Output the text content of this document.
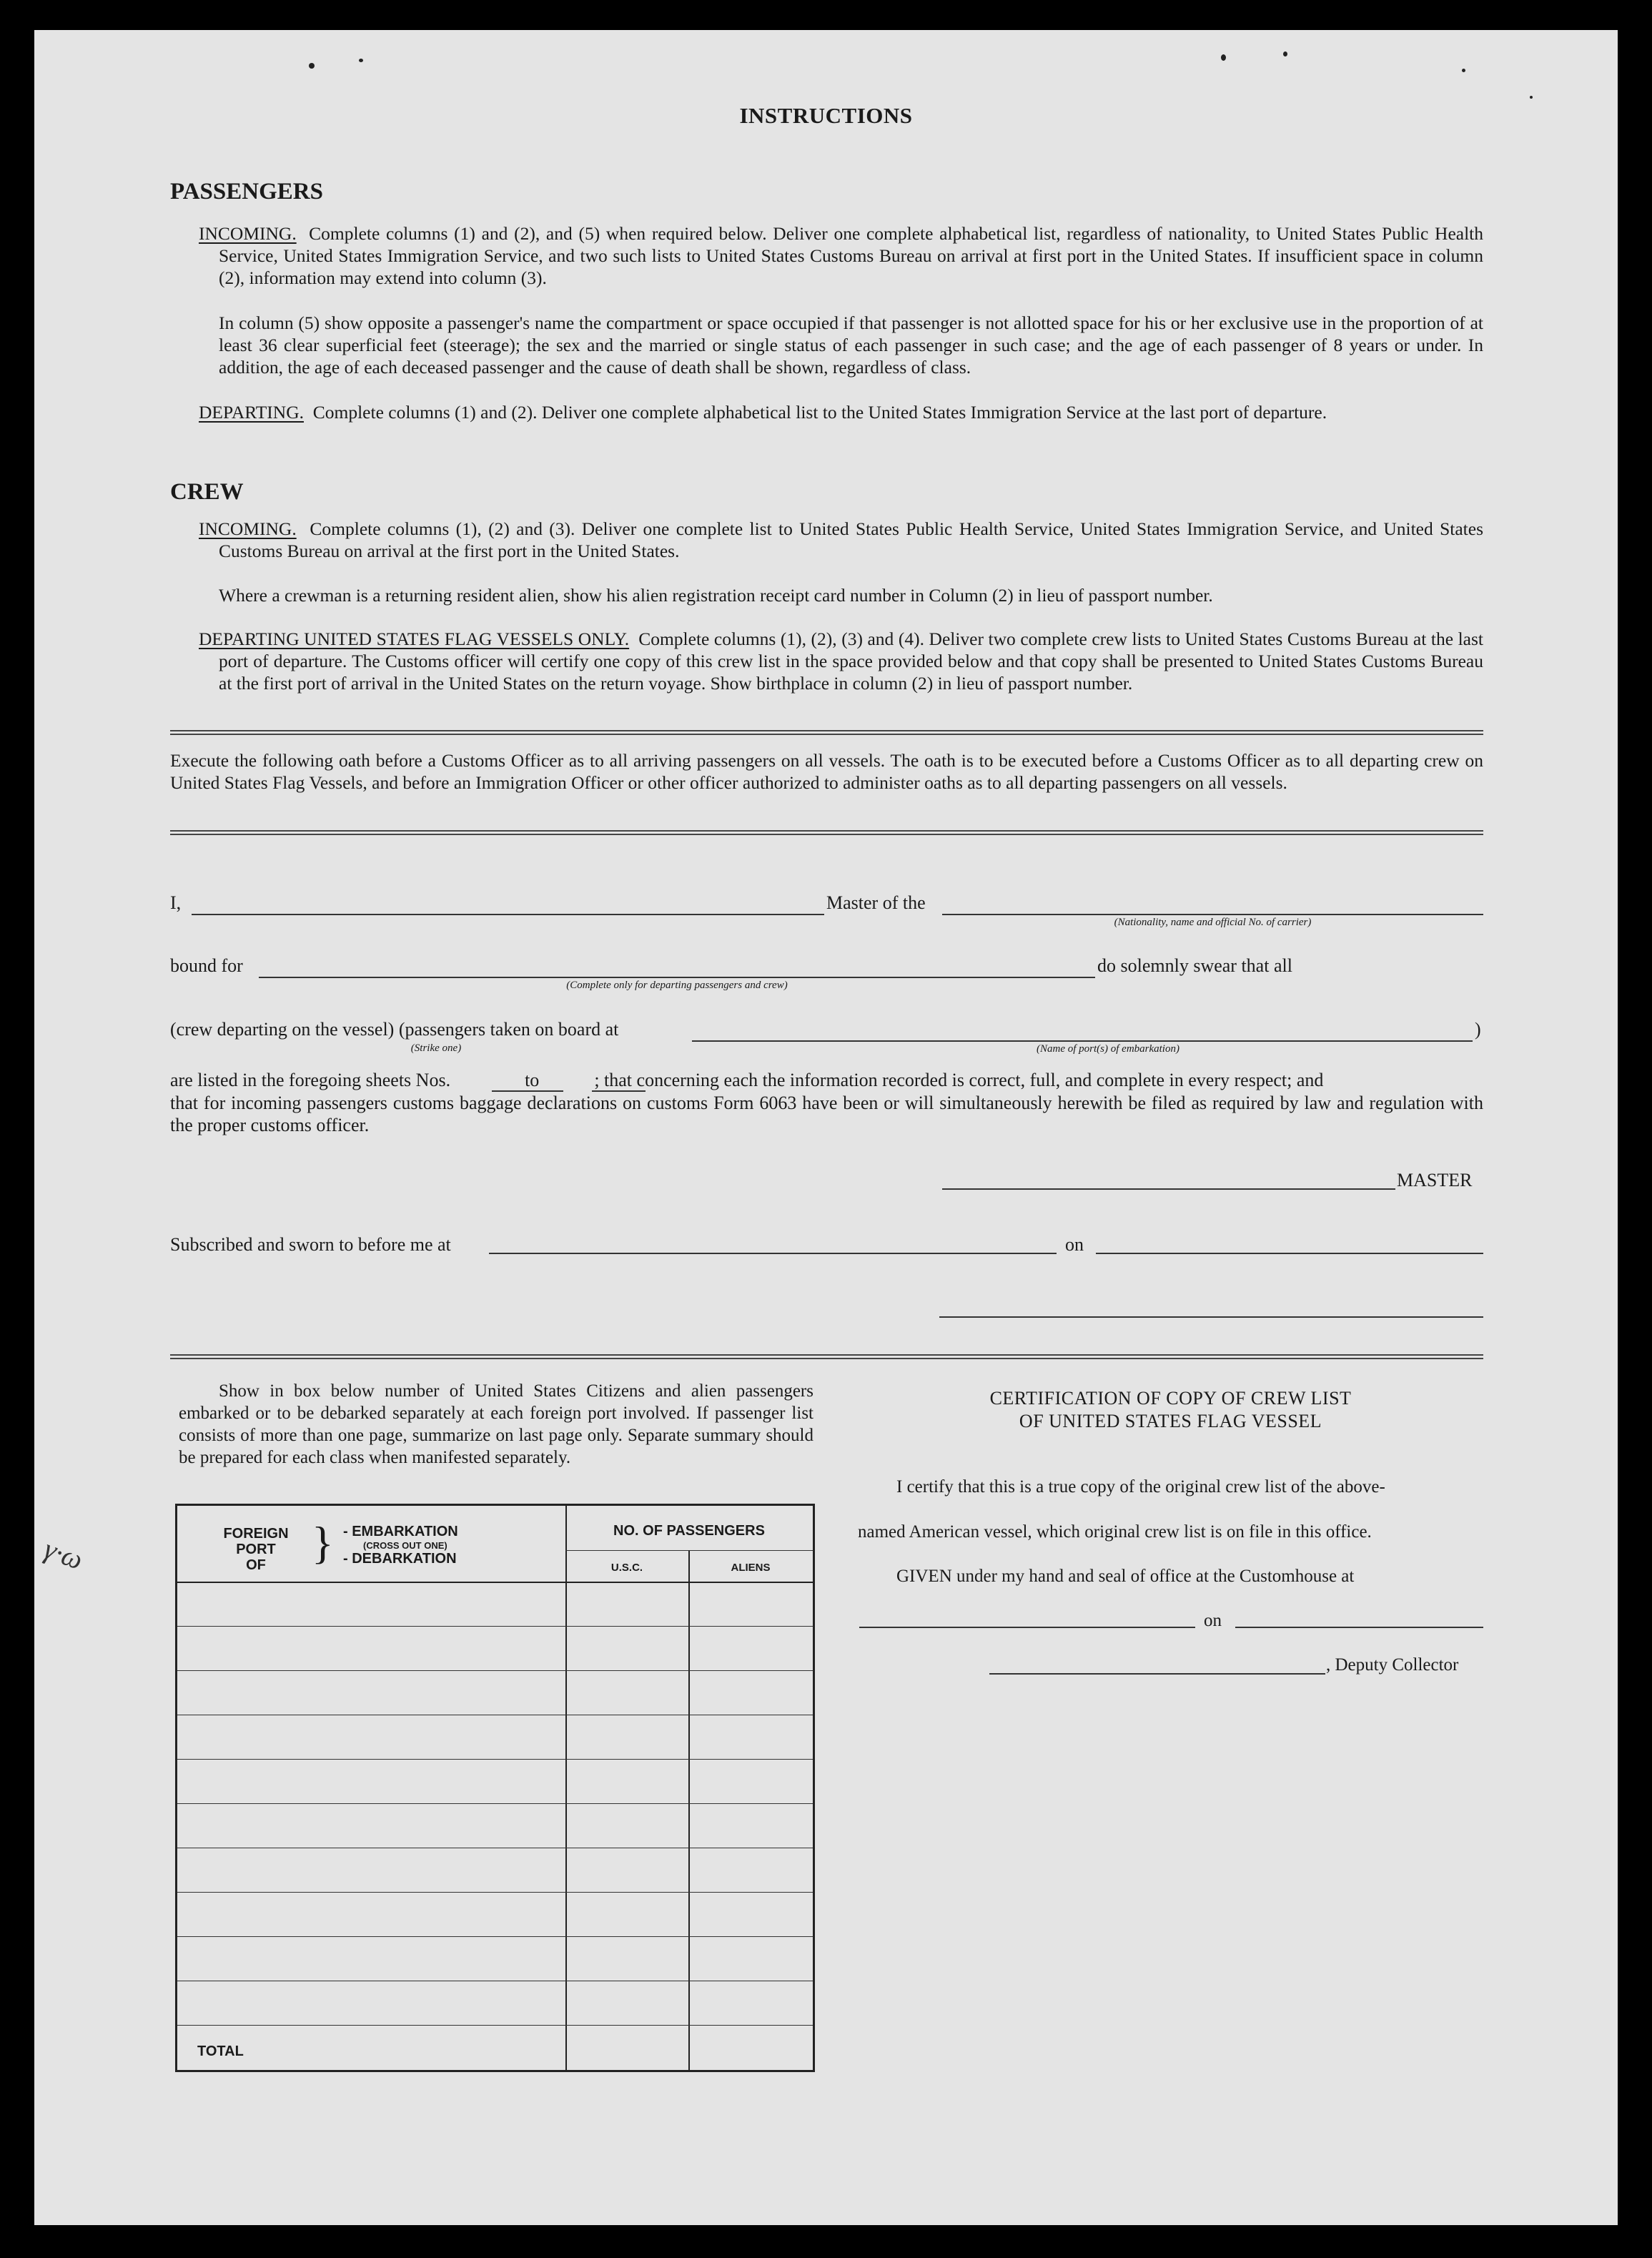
INSTRUCTIONS
PASSENGERS
INCOMING. Complete columns (1) and (2), and (5) when required below. Deliver one complete alphabetical list, regardless of nationality, to United States Public Health Service, United States Immigration Service, and two such lists to United States Customs Bureau on arrival at first port in the United States. If insufficient space in column (2), information may extend into column (3).
In column (5) show opposite a passenger's name the compartment or space occupied if that passenger is not allotted space for his or her exclusive use in the proportion of at least 36 clear superficial feet (steerage); the sex and the married or single status of each passenger in such case; and the age of each passenger of 8 years or under. In addition, the age of each deceased passenger and the cause of death shall be shown, regardless of class.
DEPARTING. Complete columns (1) and (2). Deliver one complete alphabetical list to the United States Immigration Service at the last port of departure.
CREW
INCOMING. Complete columns (1), (2) and (3). Deliver one complete list to United States Public Health Service, United States Immigration Service, and United States Customs Bureau on arrival at the first port in the United States.
Where a crewman is a returning resident alien, show his alien registration receipt card number in Column (2) in lieu of passport number.
DEPARTING UNITED STATES FLAG VESSELS ONLY. Complete columns (1), (2), (3) and (4). Deliver two complete crew lists to United States Customs Bureau at the last port of departure. The Customs officer will certify one copy of this crew list in the space provided below and that copy shall be presented to United States Customs Bureau at the first port of arrival in the United States on the return voyage. Show birthplace in column (2) in lieu of passport number.
Execute the following oath before a Customs Officer as to all arriving passengers on all vessels. The oath is to be executed before a Customs Officer as to all departing crew on United States Flag Vessels, and before an Immigration Officer or other officer authorized to administer oaths as to all departing passengers on all vessels.
I,	Master of the
(Nationality, name and official No. of carrier)
bound for	do solemnly swear that all
(Complete only for departing passengers and crew)
(crew departing on the vessel) (passengers taken on board at
(Strike one)
)
(Name of port(s) of embarkation)
are listed in the foregoing sheets Nos.	to	; that concerning each the information recorded is correct, full, and complete in every respect; and
that for incoming passengers customs baggage declarations on customs Form 6063 have been or will simultaneously herewith be filed as required by law and regulation with the proper customs officer.
MASTER
Subscribed and sworn to before me at	on
Show in box below number of United States Citizens and alien passengers embarked or to be debarked separately at each foreign port involved. If passenger list consists of more than one page, summarize on last page only. Separate summary should be prepared for each class when manifested separately.
FOREIGN
PORT
OF	} - EMBARKATION
(CROSS OUT ONE)
- DEBARKATION
NO. OF PASSENGERS
U.S.C.	ALIENS
TOTAL
CERTIFICATION OF COPY OF CREW LIST
OF UNITED STATES FLAG VESSEL
I certify that this is a true copy of the original crew list of the above-
named American vessel, which original crew list is on file in this office.
GIVEN under my hand and seal of office at the Customhouse at
on
, Deputy Collector
γ·ω
